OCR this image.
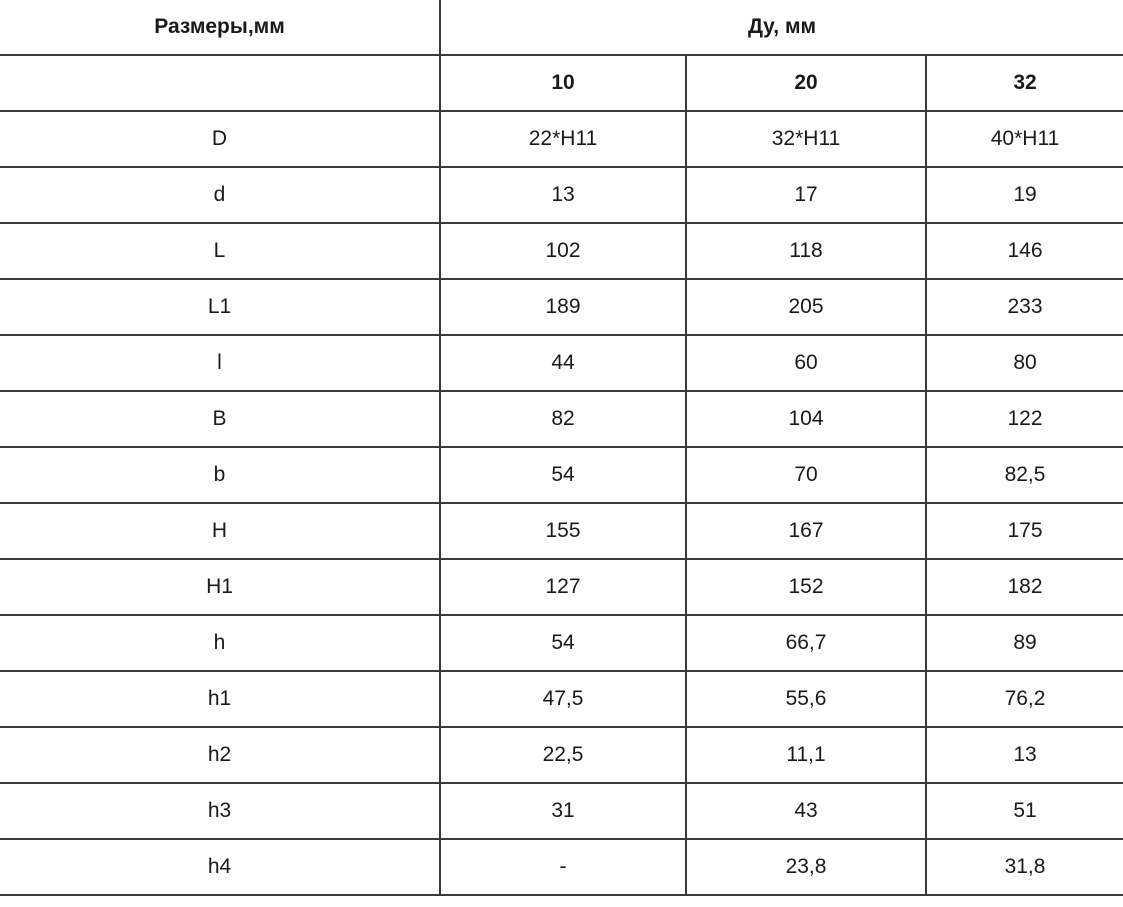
Размеры,мм	Ду, мм		
	10	20	32
D	22*H11	32*H11	40*H11
d	13	17	19
L	102	118	146
L1	189	205	233
l	44	60	80
B	82	104	122
b	54	70	82,5
H	155	167	175
H1	127	152	182
h	54	66,7	89
h1	47,5	55,6	76,2
h2	22,5	11,1	13
h3	31	43	51
h4	-	23,8	31,8
